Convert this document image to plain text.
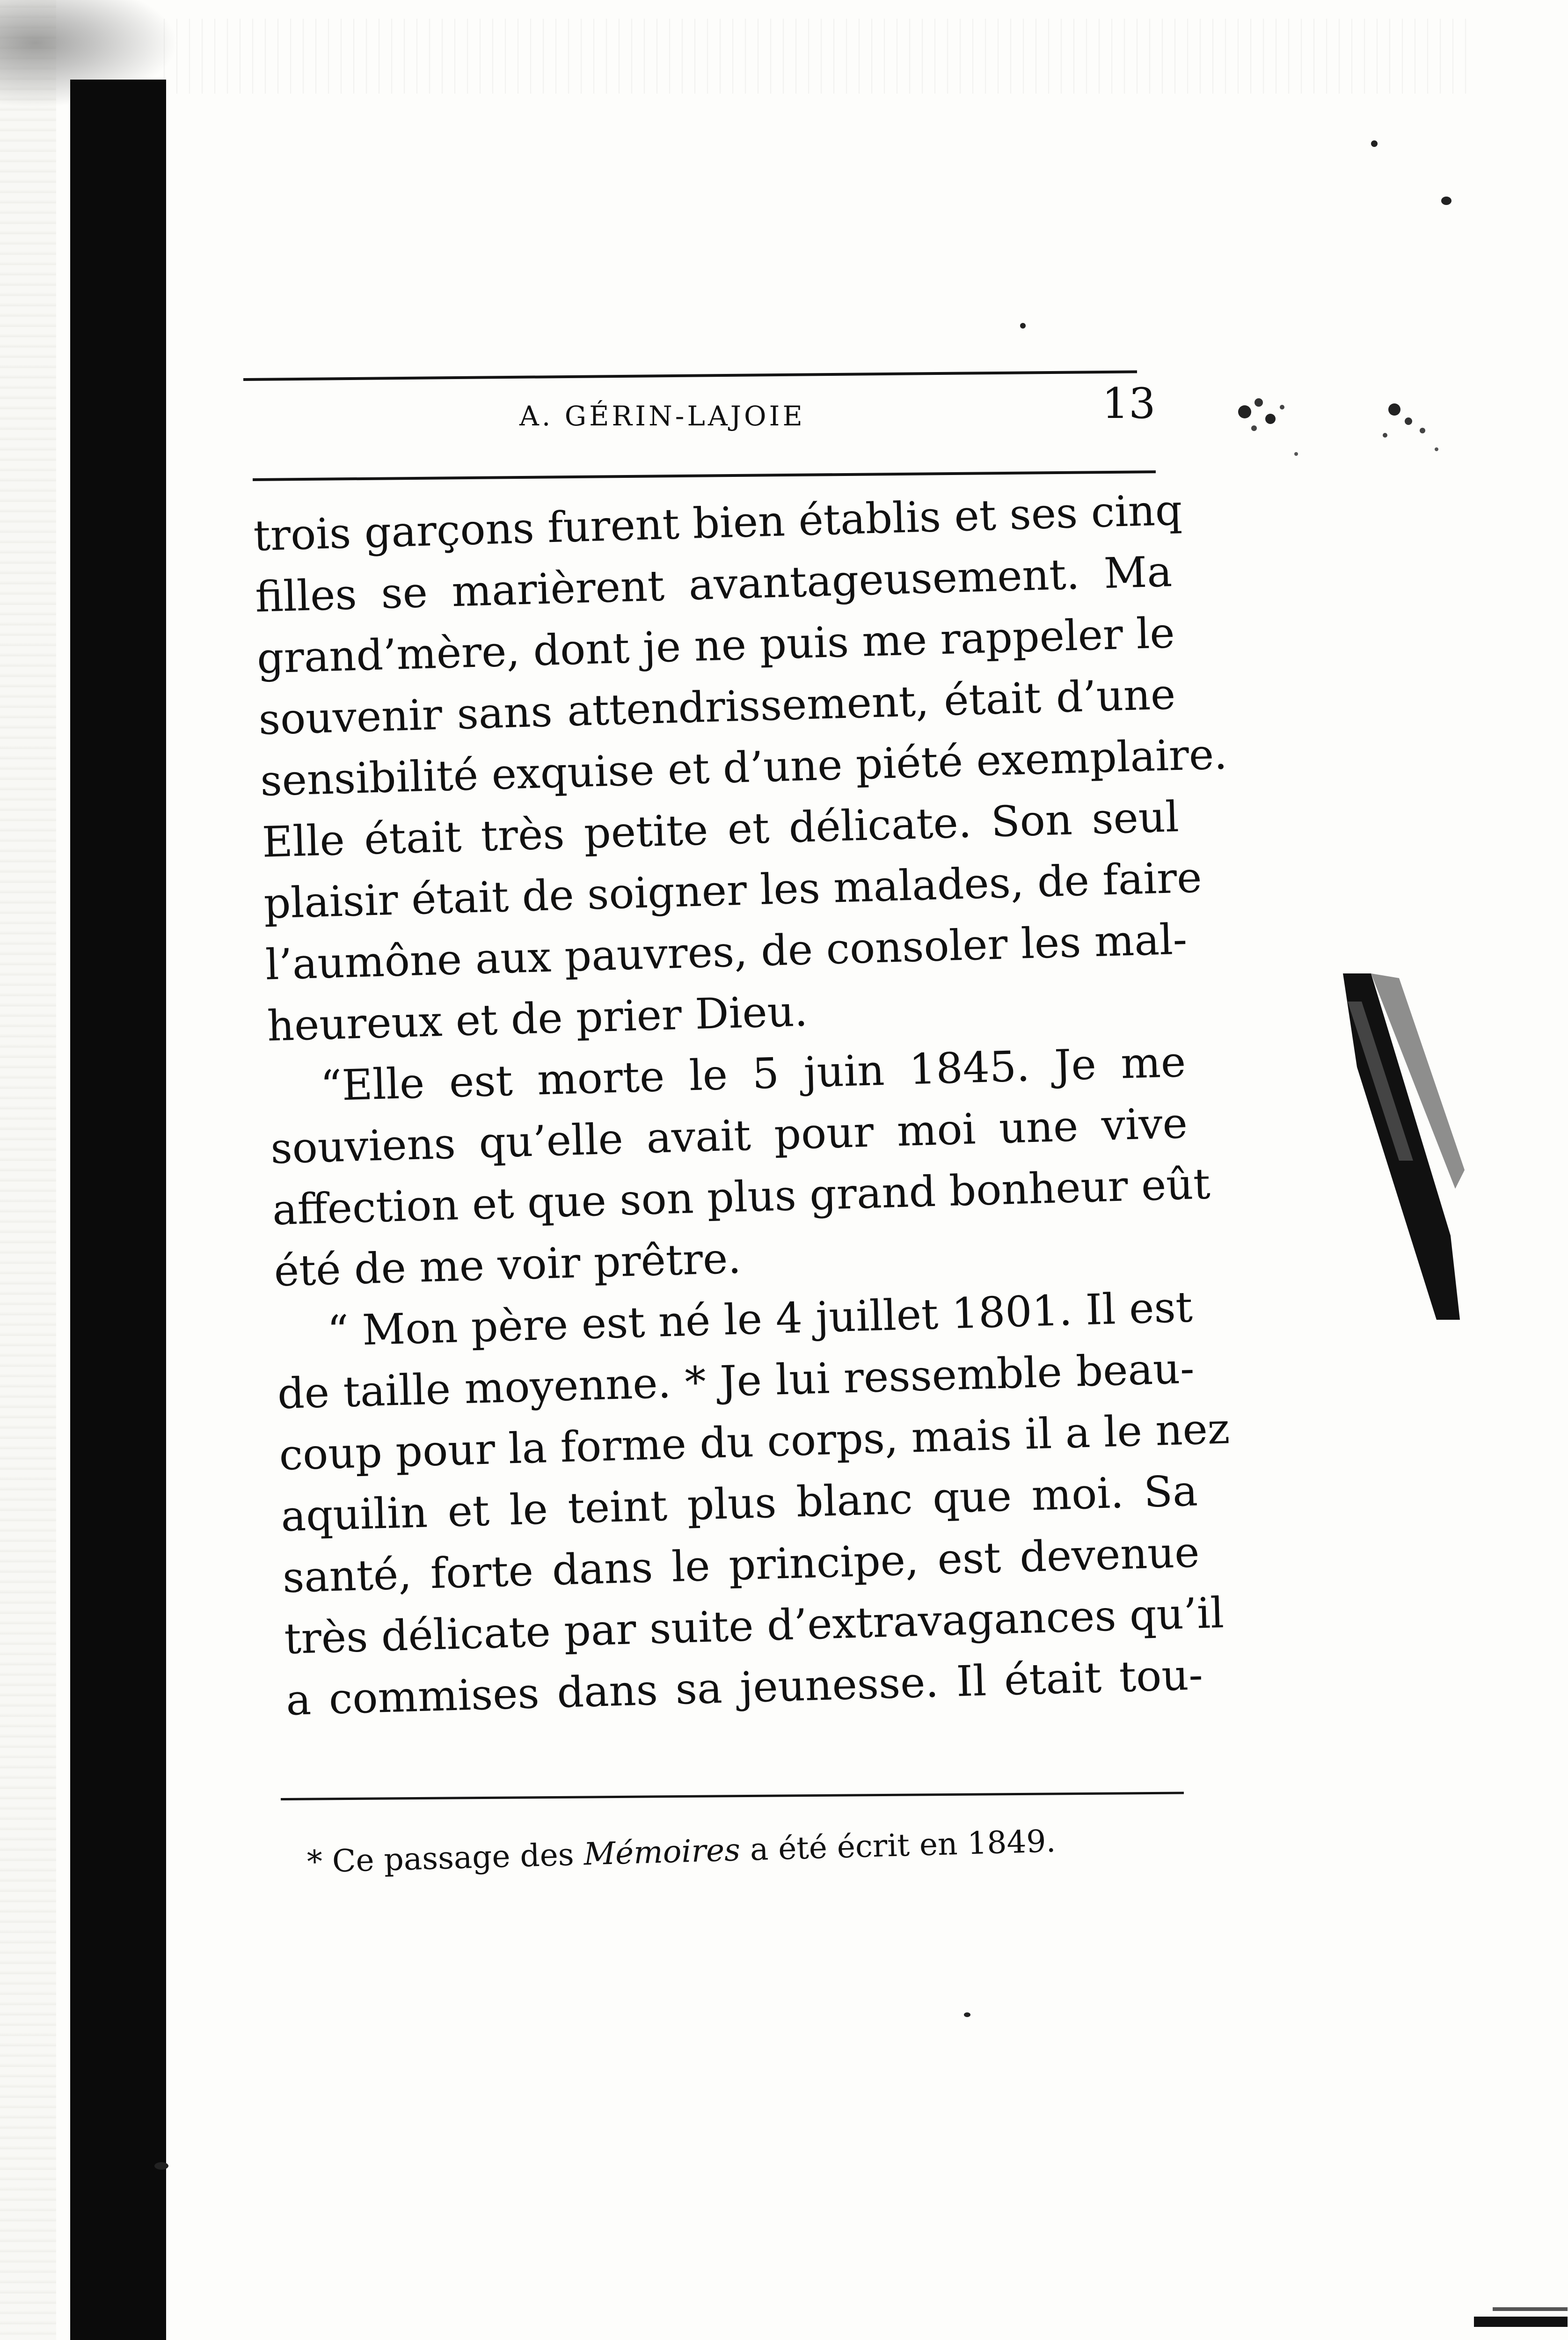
A. GÉRIN-LAJOIE	13
trois garçons furent bien établis et ses cinq
filles se marièrent avantageusement. Ma
grand’mère, dont je ne puis me rappeler le
souvenir sans attendrissement, était d’une
sensibilité exquise et d’une piété exemplaire.
Elle était très petite et délicate. Son seul
plaisir était de soigner les malades, de faire
l’aumône aux pauvres, de consoler les mal-
heureux et de prier Dieu.
“Elle est morte le 5 juin 1845. Je me
souviens qu’elle avait pour moi une vive
affection et que son plus grand bonheur eût
été de me voir prêtre.
“ Mon père est né le 4 juillet 1801. Il est
de taille moyenne. * Je lui ressemble beau-
coup pour la forme du corps, mais il a le nez
aquilin et le teint plus blanc que moi. Sa
santé, forte dans le principe, est devenue
très délicate par suite d’extravagances qu’il
a commises dans sa jeunesse. Il était tou-
* Ce passage des Mémoires a été écrit en 1849.
